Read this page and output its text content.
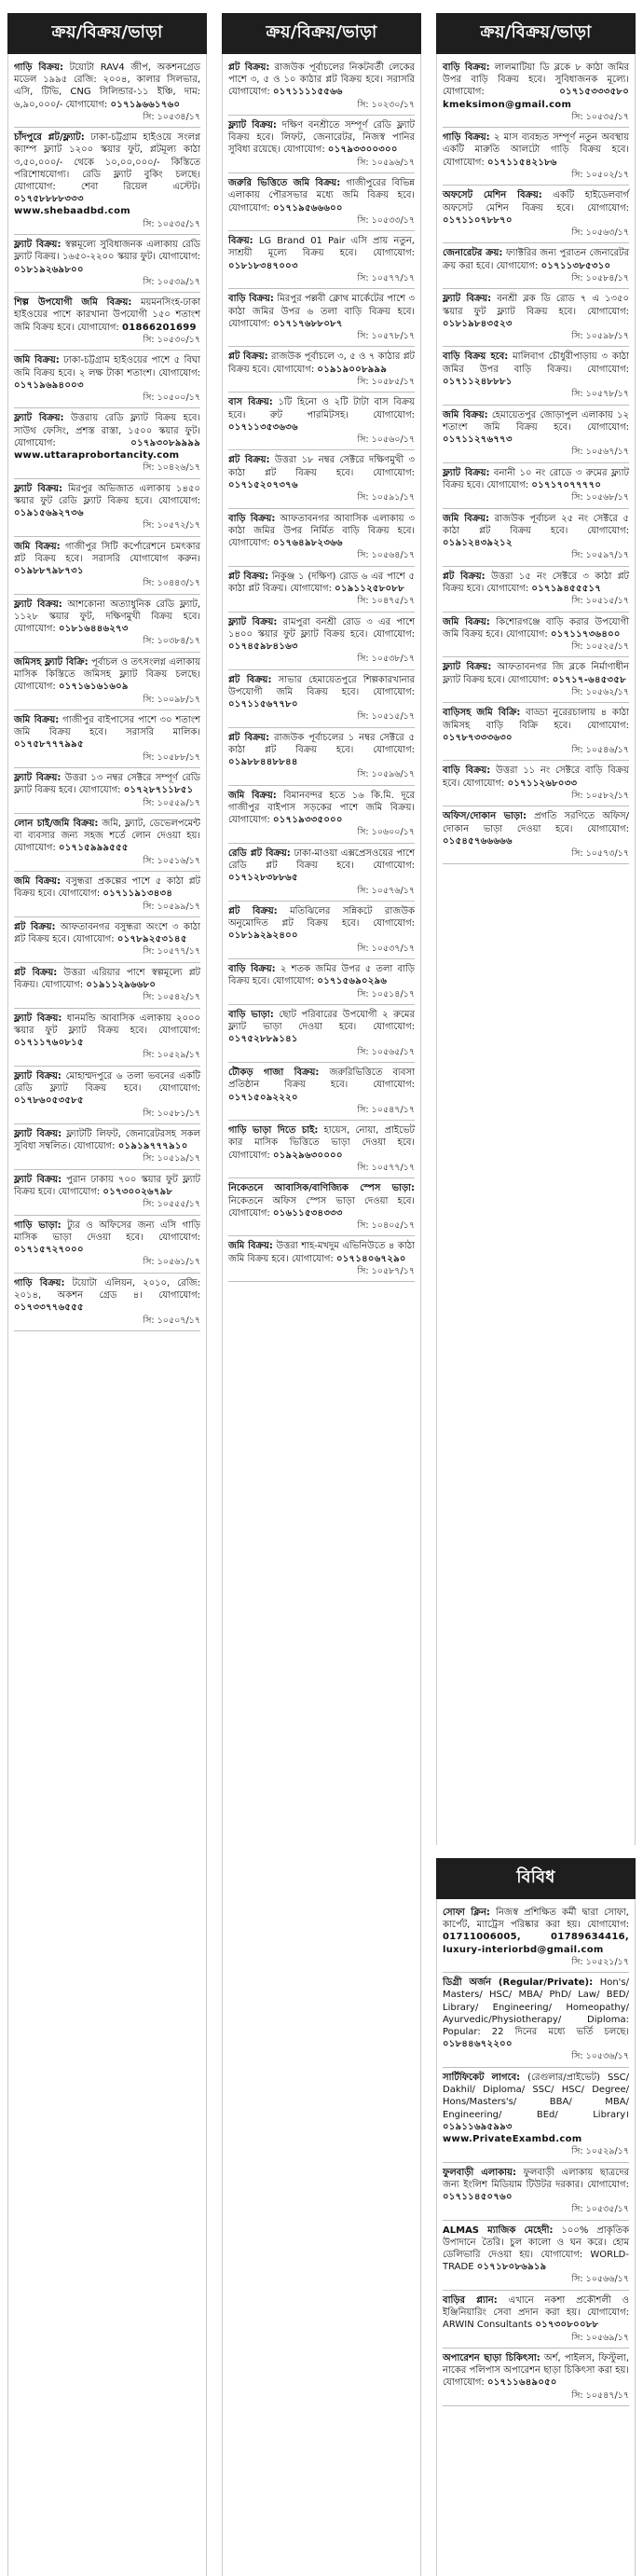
ক্রয়/বিক্রয়/ভাড়া

গাড়ি বিক্রয়: টয়োটা RAV4 জীপ, অকশনগ্রেড মডেল ১৯৯৫ রেজি: ২০০৪, কালার সিলভার, এসি, টিভি, CNG সিলিন্ডার-১১ ইঞ্চি, দাম: ৬,৯০,০০০/- যোগাযোগ: ০১৭১৯৬৬১৭৬০

সি: ১০৫৩৪/১৭

চাঁদপুরে প্লট/ফ্ল্যাট: ঢাকা-চট্টগ্রাম হাইওয়ে সংলগ্ন ক্যাম্প ফ্ল্যাট ১২০০ স্কয়ার ফুট, প্লটমূল্য কাঠা ৩,৫০,০০০/- থেকে ১০,০০,০০০/- কিস্তিতে পরিশোধযোগ্য। রেডি ফ্ল্যাট বুকিং চলছে। যোগাযোগ: শেবা রিয়েল এস্টেট। ০১৭৫৮৮৮৮৩৩৩ www.shebaadbd.com

সি: ১০৫৩৫/১৭

ফ্ল্যাট বিক্রয়: স্বল্পমূল্যে সুবিধাজনক এলাকায় রেডি ফ্ল্যাট বিক্রয়। ১৬৫০-২২০০ স্কয়ার ফুট। যোগাযোগ: ০১৮১৯২৬৯৮০০

সি: ১০৫৩৯/১৭

শিল্প উপযোগী জমি বিক্রয়: ময়মনসিংহ-ঢাকা হাইওয়ের পাশে কারখানা উপযোগী ১৫০ শতাংশ জমি বিক্রয় হবে। যোগাযোগ: 01866201699

সি: ১০৫৩০/১৭

জমি বিক্রয়: ঢাকা-চট্টগ্রাম হাইওয়ের পাশে ৫ বিঘা জমি বিক্রয় হবে। ২ লক্ষ টাকা শতাংশ। যোগাযোগ: ০১৭১৯৬৯৪০০৩

সি: ১০৫০০/১৭

ফ্ল্যাট বিক্রয়: উত্তরায় রেডি ফ্ল্যাট বিক্রয় হবে। সাউথ ফেসিং, প্রশস্ত রাস্তা, ১৫০০ স্কয়ার ফুট। যোগাযোগ:	০১৭৯৩০৮৯৯৯৯ www.uttaraprobortancity.com

সি: ১০৪২৬/১৭

ফ্ল্যাট বিক্রয়: মিরপুর অভিজাত এলাকায় ১৪৫০ স্কয়ার ফুট রেডি ফ্ল্যাট বিক্রয় হবে। যোগাযোগ: ০১৯১৫৬৯২৭৩৬

সি: ১০৫৭২/১৭

জমি বিক্রয়: গাজীপুর সিটি কর্পোরেশনে চমৎকার প্লট বিক্রয় হবে। সরাসরি যোগাযোগ করুন। ০১৯৮৮৭৯৮৭৩১

সি: ১০৪৪৩/১৭

ফ্ল্যাট বিক্রয়: আশকোনা অত্যাধুনিক রেডি ফ্ল্যাট, ১১২৮ স্কয়ার ফুট, দক্ষিণমুখী বিক্রয় হবে। যোগাযোগ: ০১৮১৬৪৪৬২৭৩

সি: ১০৩৮৪/১৭

জমিসহ ফ্ল্যাট বিক্রি: পূর্বাচল ও তৎসংলগ্ন এলাকায় মাসিক কিস্তিতে জমিসহ ফ্ল্যাট বিক্রয় চলছে। যোগাযোগ: ০১৭১৬১৬১৬০৯

সি: ১০০৯৮/১৭

জমি বিক্রয়: গাজীপুর বাইপাসের পাশে ৩০ শতাংশ জমি বিক্রয় হবে। সরাসরি মালিক। ০১৭৫৮৭৭৭৯৯৫

সি: ১০৫৮৮/১৭

ফ্ল্যাট বিক্রয়: উত্তরা ১৩ নম্বর সেক্টরে সম্পূর্ণ রেডি ফ্ল্যাট বিক্রয় হবে। যোগাযোগ: ০১৭২৮৭১১৮৫১

সি: ১০৫৫৯/১৭

লোন চাই/জমি বিক্রয়: জমি, ফ্ল্যাট, ডেভেলপমেন্ট বা ব্যবসার জন্য সহজ শর্তে লোন দেওয়া হয়। যোগাযোগ: ০১৭১৫৯৯৯৫৫৫

সি: ১০৫১৬/১৭

জমি বিক্রয়: বসুন্ধরা প্রকল্পের পাশে ৫ কাঠা প্লট বিক্রয় হবে। যোগাযোগ: ০১৭১১৯১৩৪৩৪

সি: ১০৫৯৯/১৭

প্লট বিক্রয়: আফতাবনগর বসুন্ধরা অংশে ৩ কাঠা প্লট বিক্রয় হবে। যোগাযোগ: ০১৭৮৯২৫৩১৪৫

সি: ১০৫৭৭/১৭

প্লট বিক্রয়: উত্তরা এরিয়ার পাশে স্বল্পমূল্যে প্লট বিক্রয়। যোগাযোগ: ০১৯১১২৯৬৬৮০

সি: ১০৫৪২/১৭

ফ্ল্যাট বিক্রয়: ধানমন্ডি আবাসিক এলাকায় ২০০০ স্কয়ার ফুট ফ্ল্যাট বিক্রয় হবে। যোগাযোগ: ০১৭১১৭৬০৮১৫

সি: ১০৫২৯/১৭

ফ্ল্যাট বিক্রয়: মোহাম্মদপুরে ৬ তলা ভবনের একটি রেডি ফ্ল্যাট বিক্রয় হবে। যোগাযোগ: ০১৭৮৬০৫৩৫৮৫

সি: ১০৫৮১/১৭

ফ্ল্যাট বিক্রয়: ফ্ল্যাটটি লিফট, জেনারেটরসহ সকল সুবিধা সম্বলিত। যোগাযোগ: ০১৯১৯৭৭৭৯১০

সি: ১০৫১৯/১৭

ফ্ল্যাট বিক্রয়: পুরান ঢাকায় ৭০০ স্কয়ার ফুট ফ্ল্যাট বিক্রয় হবে। যোগাযোগ: ০১৭৩০০২৬৭৯৮

সি: ১০৫৫৫/১৭

গাড়ি ভাড়া: ট্যুর ও অফিসের জন্য এসি গাড়ি মাসিক ভাড়া দেওয়া হবে। যোগাযোগ: ০১৭১৫৭২৭০০০

সি: ১০৫৬১/১৭

গাড়ি বিক্রয়: টয়োটা এলিয়ন, ২০১০, রেজি: ২০১৪, অকশন গ্রেড ৪। যোগাযোগ: ০১৭৩৩৭৭৬৫৫৫

সি: ১০৫০৭/১৭
ক্রয়/বিক্রয়/ভাড়া

প্লট বিক্রয়: রাজউক পূর্বাচলের নিকটবর্তী লেকের পাশে ৩, ৫ ও ১০ কাঠার প্লট বিক্রয় হবে। সরাসরি যোগাযোগ: ০১৭১১১১৫৫৬৬

সি: ১০২৩০/১৭

ফ্ল্যাট বিক্রয়: দক্ষিণ বনশ্রীতে সম্পূর্ণ রেডি ফ্ল্যাট বিক্রয় হবে। লিফট, জেনারেটর, নিজস্ব পানির সুবিধা রয়েছে। যোগাযোগ: ০১৭৯৩৩০০৩০০

সি: ১০৫৯৬/১৭

জরুরি ভিত্তিতে জমি বিক্রয়: গাজীপুরের বিভিন্ন এলাকায় পৌরসভার মধ্যে জমি বিক্রয় হবে। যোগাযোগ: ০১৭১৯৫৬৬৬০০

সি: ১০৫৩৩/১৭

বিক্রয়: LG Brand 01 Pair এসি প্রায় নতুন, সাশ্রয়ী মূল্যে বিক্রয় হবে। যোগাযোগ: ০১৮১৮৩৪৭০০৩

সি: ১০৫৭৭/১৭

বাড়ি বিক্রয়: মিরপুর পল্লবী ক্লোথ মার্কেটের পাশে ৩ কাঠা জমির উপর ৬ তলা বাড়ি বিক্রয় হবে। যোগাযোগ: ০১৭১৭৬৮৮০৮৭

সি: ১০৫৭৮/১৭

প্লট বিক্রয়: রাজউক পূর্বাচলে ৩, ৫ ও ৭ কাঠার প্লট বিক্রয় হবে। যোগাযোগ: ০১৯১৯০০৮৯৯৯

সি: ১০৫৮৫/১৭

বাস বিক্রয়: ১টি হিনো ও ২টি টাটা বাস বিক্রয় হবে। রুট পারমিটসহ। যোগাযোগ: ০১৭১১৩৫৩৬৩৬

সি: ১০৫৬০/১৭

প্লট বিক্রয়: উত্তরা ১৮ নম্বর সেক্টরে দক্ষিণমুখী ৩ কাঠা প্লট বিক্রয় হবে। যোগাযোগ: ০১৭১৫২০৭৩৭৬

সি: ১০৫৯১/১৭

বাড়ি বিক্রয়: আফতাবনগর আবাসিক এলাকায় ৩ কাঠা জমির উপর নির্মিত বাড়ি বিক্রয় হবে। যোগাযোগ: ০১৭৬৪৯৮২৩৬৬

সি: ১০৫৬৪/১৭

প্লট বিক্রয়: নিকুঞ্জ ১ (দক্ষিণ) রোড ৬ এর পাশে ৫ কাঠা প্লট বিক্রয়। যোগাযোগ: ০১৯১১২৫৮০৮৮

সি: ১০৪৭৫/১৭

ফ্ল্যাট বিক্রয়: রামপুরা বনশ্রী রোড ৩ এর পাশে ১৪০০ স্কয়ার ফুট ফ্ল্যাট বিক্রয় হবে। যোগাযোগ: ০১৭৪৫৯৮৪১৬৩

সি: ১০৫৩৮/১৭

প্লট বিক্রয়: সাভার হেমায়েতপুরে শিল্পকারখানার উপযোগী জমি বিক্রয় হবে। যোগাযোগ: ০১৭১১৫৬৭৭৮০

সি: ১০৫১৫/১৭

প্লট বিক্রয়: রাজউক পূর্বাচলের ১ নম্বর সেক্টরে ৫ কাঠা প্লট বিক্রয় হবে। যোগাযোগ: ০১৯৮৮৪৪৮৮৪৪

সি: ১০৫৯৬/১৭

জমি বিক্রয়: বিমানবন্দর হতে ১৬ কি.মি. দূরে গাজীপুর বাইপাস সড়কের পাশে জমি বিক্রয়। যোগাযোগ: ০১৭১৯৩৩৫০০০

সি: ১০৬০০/১৭

রেডি প্লট বিক্রয়: ঢাকা-মাওয়া এক্সপ্রেসওয়ের পাশে রেডি প্লট বিক্রয় হবে। যোগাযোগ: ০১৭১২৮৩৮৮৬৫

সি: ১০৫৭৬/১৭

প্লট বিক্রয়: মতিঝিলের সন্নিকটে রাজউক অনুমোদিত প্লট বিক্রয় হবে। যোগাযোগ: ০১৮১৯২৯২৪০০

সি: ১০৫৩৭/১৭

বাড়ি বিক্রয়: ২ শতক জমির উপর ৫ তলা বাড়ি বিক্রয় হবে। যোগাযোগ: ০১৭১৫৬৯০২৯৬

সি: ১০৫১৪/১৭

বাড়ি ভাড়া: ছোট পরিবারের উপযোগী ২ রুমের ফ্ল্যাট ভাড়া দেওয়া হবে। যোগাযোগ: ০১৭৫২৮৮৯১৪১

সি: ১০৫৬৫/১৭

টৌকড় গাজা বিক্রয়: জরুরিভিত্তিতে ব্যবসা প্রতিষ্ঠান বিক্রয় হবে। যোগাযোগ: ০১৭১৫০৯২২২০

সি: ১০৫৪৭/১৭

গাড়ি ভাড়া দিতে চাই: হায়েস, নোয়া, প্রাইভেট কার মাসিক ভিত্তিতে ভাড়া দেওয়া হবে। যোগাযোগ: ০১৯২৯৬৩০০০০

সি: ১০৫৭৭/১৭

নিকেতনে আবাসিক/বাণিজ্যিক স্পেস ভাড়া: নিকেতনে অফিস স্পেস ভাড়া দেওয়া হবে। যোগাযোগ: ০১৬১১৫৩৪৩৩৩

সি: ১০৪০৫/১৭

জমি বিক্রয়: উত্তরা শাহ-মখদুম এভিনিউতে ৪ কাঠা জমি বিক্রয় হবে। যোগাযোগ: ০১৭১৪০৬৭২৯০

সি: ১০৫৮৭/১৭
ক্রয়/বিক্রয়/ভাড়া

বাড়ি বিক্রয়: লালমাটিয়া ডি ব্লকে ৮ কাঠা জমির উপর বাড়ি বিক্রয় হবে। সুবিধাজনক মূল্যে। যোগাযোগ:	০১৭১৫৩৩৩৫৮০ kmeksimon@gmail.com

সি: ১০৫৩৫/১৭

গাড়ি বিক্রয়: ২ মাস ব্যবহৃত সম্পূর্ণ নতুন অবস্থায় একটি মারুতি আলটো গাড়ি বিক্রয় হবে। যোগাযোগ: ০১৭১১৫৪২১৮৬

সি: ১০৫০২/১৭

অফসেট মেশিন বিক্রয়: একটি হাইডেলবার্গ অফসেট মেশিন বিক্রয় হবে। যোগাযোগ: ০১৭১১০৭৮৮৭০

সি: ১০৫৬৩/১৭

জেনারেটর ক্রয়: ফ্যাক্টরির জন্য পুরাতন জেনারেটর ক্রয় করা হবে। যোগাযোগ: ০১৭১১৩৮৫৩১০

সি: ১০৫৮৪/১৭

ফ্ল্যাট বিক্রয়: বনশ্রী ব্লক ডি রোড ৭ এ ১৩৫০ স্কয়ার ফুট ফ্ল্যাট বিক্রয় হবে। যোগাযোগ: ০১৮১৯৮৪৩৫২৩

সি: ১০৫৯৮/১৭

বাড়ি বিক্রয় হবে: মালিবাগ চৌধুরীপাড়ায় ৩ কাঠা জমির উপর বাড়ি বিক্রয়। যোগাযোগ: ০১৭১১২৪৮৮৮১

সি: ১০৫৭৮/১৭

জমি বিক্রয়: হেমায়েতপুর জোড়াপুল এলাকায় ১২ শতাংশ জমি বিক্রয় হবে। যোগাযোগ: ০১৭১১২৭৬৭৭৩

সি: ১০৫৬৭/১৭

ফ্ল্যাট বিক্রয়: বনানী ১০ নং রোডে ৩ রুমের ফ্ল্যাট বিক্রয় হবে। যোগাযোগ: ০১৭১৭০৭৭৭৭০

সি: ১০৫৬৮/১৭

জমি বিক্রয়: রাজউক পূর্বাচল ২৫ নং সেক্টরে ৫ কাঠা প্লট বিক্রয় হবে। যোগাযোগ: ০১৯১২৪৩৯২১২

সি: ১০৫৯৭/১৭

প্লট বিক্রয়: উত্তরা ১৫ নং সেক্টরে ৩ কাঠা প্লট বিক্রয় হবে। যোগাযোগ: ০১৭১৯৪৫৫৫১৭

সি: ১০৫১৫/১৭

জমি বিক্রয়: কিশোরগঞ্জে বাড়ি করার উপযোগী জমি বিক্রয় হবে। যোগাযোগ: ০১৭১১৭৩৬৪০০

সি: ১০৫২৫/১৭

ফ্ল্যাট বিক্রয়: আফতাবনগর জি ব্লকে নির্মাণাধীন ফ্ল্যাট বিক্রয় হবে। যোগাযোগ: ০১৭১৭-৬৪৫৩৫৮

সি: ১০৫৬২/১৭

বাড়িসহ জমি বিক্রি: বাড্ডা নুরেরচালায় ৪ কাঠা জমিসহ বাড়ি বিক্রি হবে। যোগাযোগ: ০১৭৮৭৩৩৩৬৩০

সি: ১০৫৪৬/১৭

বাড়ি বিক্রয়: উত্তরা ১১ নং সেক্টরে বাড়ি বিক্রয় হবে। যোগাযোগ: ০১৭১১২৬৮০৩৩

সি: ১০৫৮২/১৭

অফিস/দোকান ভাড়া: প্রগতি সরণিতে অফিস/দোকান ভাড়া দেওয়া হবে। যোগাযোগ: ০১৫৪৫৭৬৬৬৬৬

সি: ১০৫৭৩/১৭
বিবিধ

সোফা ক্লিন: নিজস্ব প্রশিক্ষিত কর্মী দ্বারা সোফা, কার্পেট, ম্যাট্রেস পরিষ্কার করা হয়। যোগাযোগ: 01711006005, 01789634416, luxury-interiorbd@gmail.com

সি: ১০৫২১/১৭

ডিগ্রী অর্জন (Regular/Private): Hon's/ Masters/ HSC/ MBA/ PhD/ Law/ BED/ Library/ Engineering/ Homeopathy/ Ayurvedic/Physiotherapy/ Diploma: Popular: 22 দিনের মধ্যে ভর্তি চলছে। ০১৮৪৪৬৭২২০০

সি: ১০৫৩৬/১৭

সার্টিফিকেট লাগবে: (রেগুলার/প্রাইভেট) SSC/ Dakhil/ Diploma/ SSC/ HSC/ Degree/ Hons/Masters's/ BBA/ MBA/ Engineering/ BEd/ Library। ০১৯১১৬৯৫৯৯৩ www.PrivateExambd.com

সি: ১০৫২৯/১৭

ফুলবাড়ী এলাকায়: ফুলবাড়ী এলাকায় ছাত্রদের জন্য ইংলিশ মিডিয়াম টিউটর দরকার। যোগাযোগ: ০১৭১১৪৫০৭৬০

সি: ১০৫৩৫/১৭

ALMAS ম্যাজিক মেহেদী: ১০০% প্রাকৃতিক উপাদানে তৈরি। চুল কালো ও ঘন করে। হোম ডেলিভারি দেওয়া হয়। যোগাযোগ: WORLD-TRADE ০১৭১৮০৮৬৯১৯

সি: ১০৫৬৬/১৭

বাড়ির প্ল্যান: এখানে নকশা প্রকৌশলী ও ইঞ্জিনিয়ারিং সেবা প্রদান করা হয়। যোগাযোগ: ARWIN Consultants ০১৭৩০৮০০৮৮

সি: ১০৫৬৯/১৭

অপারেশন ছাড়া চিকিৎসা: অর্শ, পাইলস, ফিস্টুলা, নাকের পলিপাস অপারেশন ছাড়া চিকিৎসা করা হয়। যোগাযোগ: ০১৭১১৬৪৯০৫০

সি: ১০৫৪৭/১৭
